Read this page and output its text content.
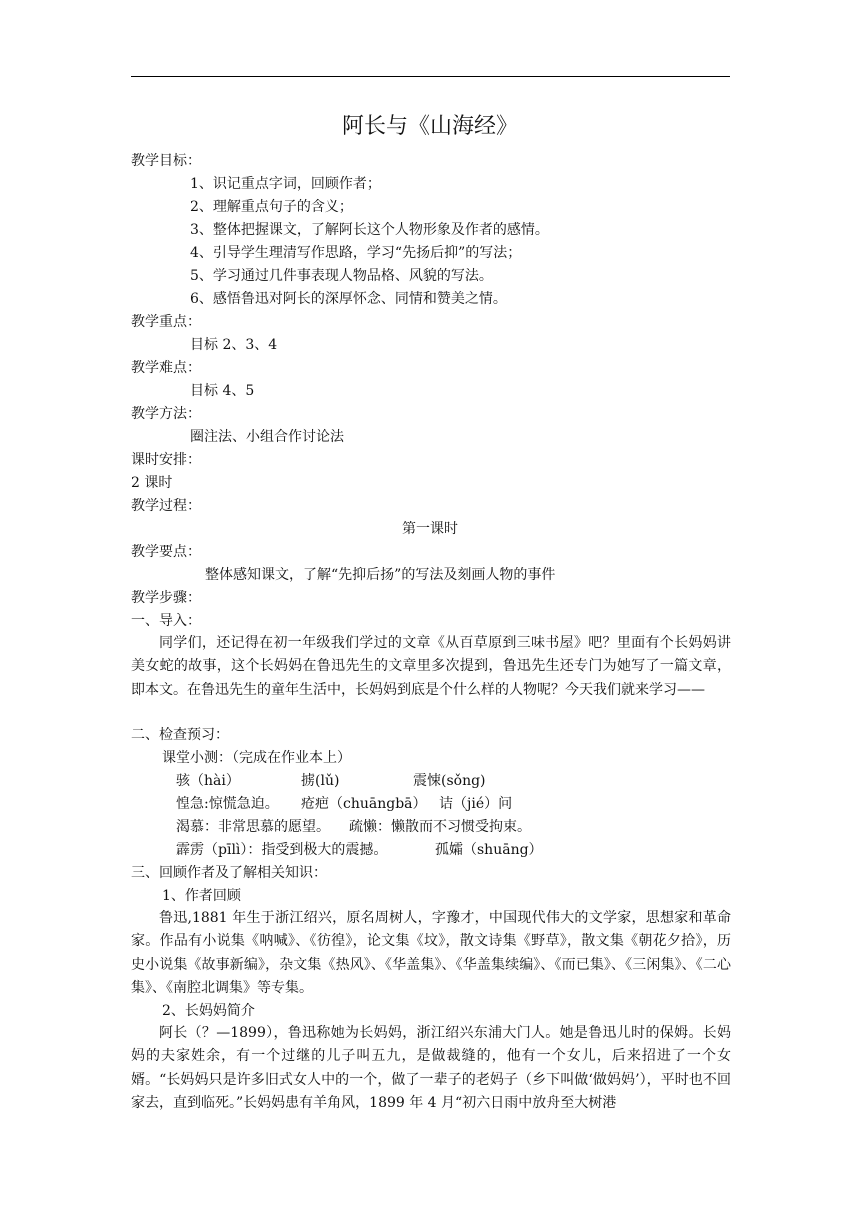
阿长与《山海经》
教学目标：
1、识记重点字词，回顾作者；
2、理解重点句子的含义；
3、整体把握课文，了解阿长这个人物形象及作者的感情。
4、引导学生理清写作思路，学习“先扬后抑”的写法；
5、学习通过几件事表现人物品格、风貌的写法。
6、感悟鲁迅对阿长的深厚怀念、同情和赞美之情。
教学重点：
目标 2、3、4
教学难点：
目标 4、5
教学方法：
圈注法、小组合作讨论法
课时安排：
2 课时
教学过程：
第一课时
教学要点：
整体感知课文，了解“先抑后扬”的写法及刻画人物的事件
教学步骤：
一、导入：
同学们，还记得在初一年级我们学过的文章《从百草原到三味书屋》吧？里面有个长妈妈讲美女蛇的故事，这个长妈妈在鲁迅先生的文章里多次提到，鲁迅先生还专门为她写了一篇文章，即本文。在鲁迅先生的童年生活中，长妈妈到底是个什么样的人物呢？今天我们就来学习——
二、检查预习：
课堂小测：（完成在作业本上）
骇（hài）	掳(lǔ)	震悚(sǒng)
惶急:惊慌急迫。 疮疤（chuāngbā） 诘（jié）问
渴慕：非常思慕的愿望。 疏懒：懒散而不习惯受拘束。
霹雳（pīlì）：指受到极大的震撼。	孤孀（shuāng）
三、回顾作者及了解相关知识：
1、作者回顾
鲁迅,1881 年生于浙江绍兴，原名周树人，字豫才，中国现代伟大的文学家，思想家和革命家。作品有小说集《呐喊》、《彷徨》，论文集《坟》，散文诗集《野草》，散文集《朝花夕拾》，历史小说集《故事新编》，杂文集《热风》、《华盖集》、《华盖集续编》、《而已集》、《三闲集》、《二心集》、《南腔北调集》等专集。
2、长妈妈简介
阿长（？—1899），鲁迅称她为长妈妈，浙江绍兴东浦大门人。她是鲁迅儿时的保姆。长妈妈的夫家姓余，有一个过继的儿子叫五九，是做裁缝的，他有一个女儿，后来招进了一个女婿。“长妈妈只是许多旧式女人中的一个，做了一辈子的老妈子（乡下叫做‘做妈妈’），平时也不回家去，直到临死。”长妈妈患有羊角风，1899 年 4 月“初六日雨中放舟至大树港
